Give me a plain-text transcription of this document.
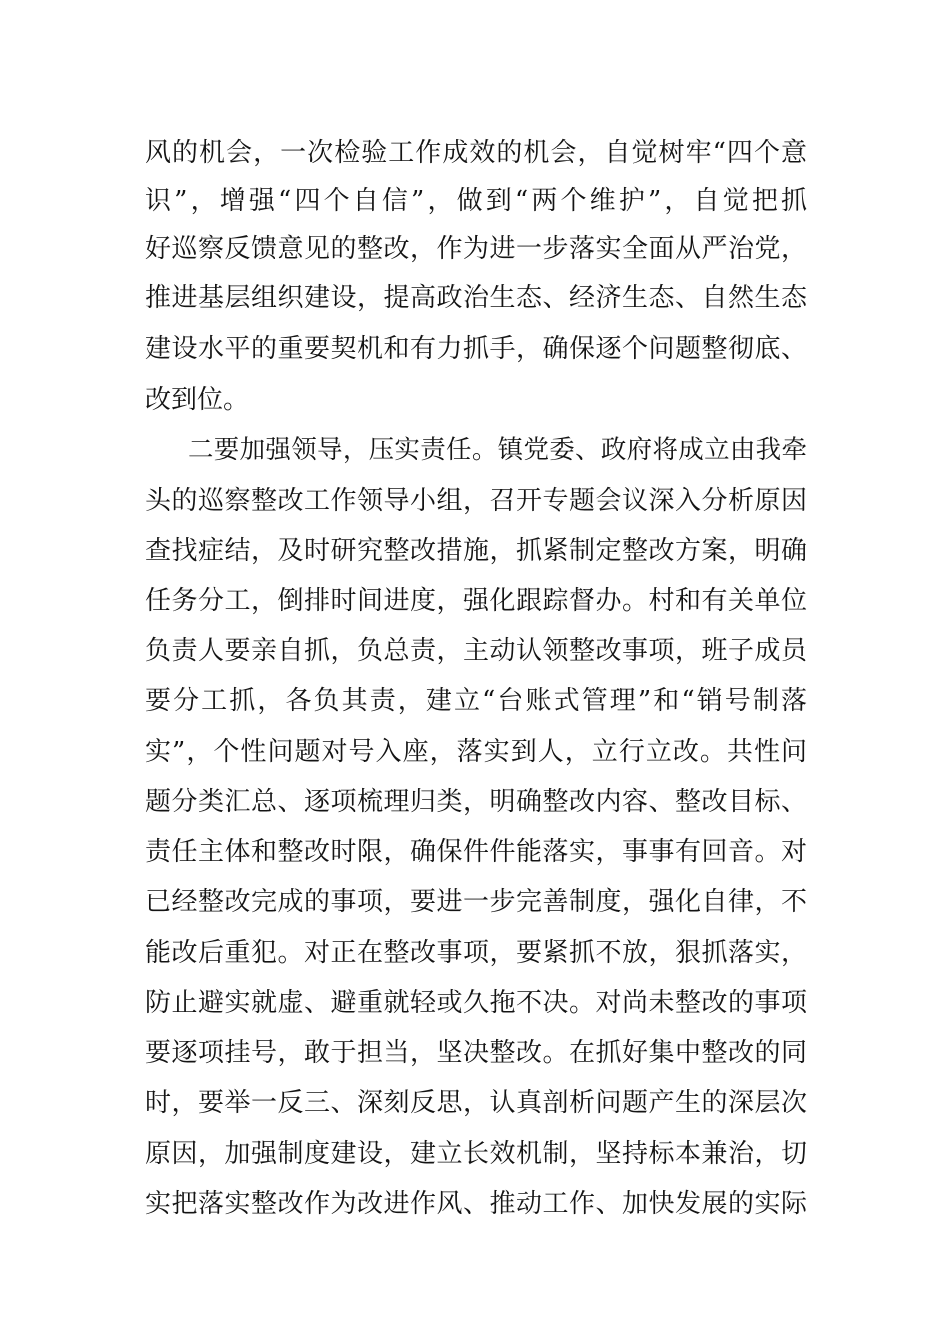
风的机会，一次检验工作成效的机会，自觉树牢“四个意
识”，增强“四个自信”，做到“两个维护”，自觉把抓
好巡察反馈意见的整改，作为进一步落实全面从严治党，
推进基层组织建设，提高政治生态、经济生态、自然生态
建设水平的重要契机和有力抓手，确保逐个问题整彻底、
改到位。
二要加强领导，压实责任。镇党委、政府将成立由我牵
头的巡察整改工作领导小组，召开专题会议深入分析原因
查找症结，及时研究整改措施，抓紧制定整改方案，明确
任务分工，倒排时间进度，强化跟踪督办。村和有关单位
负责人要亲自抓，负总责，主动认领整改事项，班子成员
要分工抓，各负其责，建立“台账式管理”和“销号制落
实”，个性问题对号入座，落实到人，立行立改。共性问
题分类汇总、逐项梳理归类，明确整改内容、整改目标、
责任主体和整改时限，确保件件能落实，事事有回音。对
已经整改完成的事项，要进一步完善制度，强化自律，不
能改后重犯。对正在整改事项，要紧抓不放，狠抓落实，
防止避实就虚、避重就轻或久拖不决。对尚未整改的事项
要逐项挂号，敢于担当，坚决整改。在抓好集中整改的同
时，要举一反三、深刻反思，认真剖析问题产生的深层次
原因，加强制度建设，建立长效机制，坚持标本兼治，切
实把落实整改作为改进作风、推动工作、加快发展的实际
